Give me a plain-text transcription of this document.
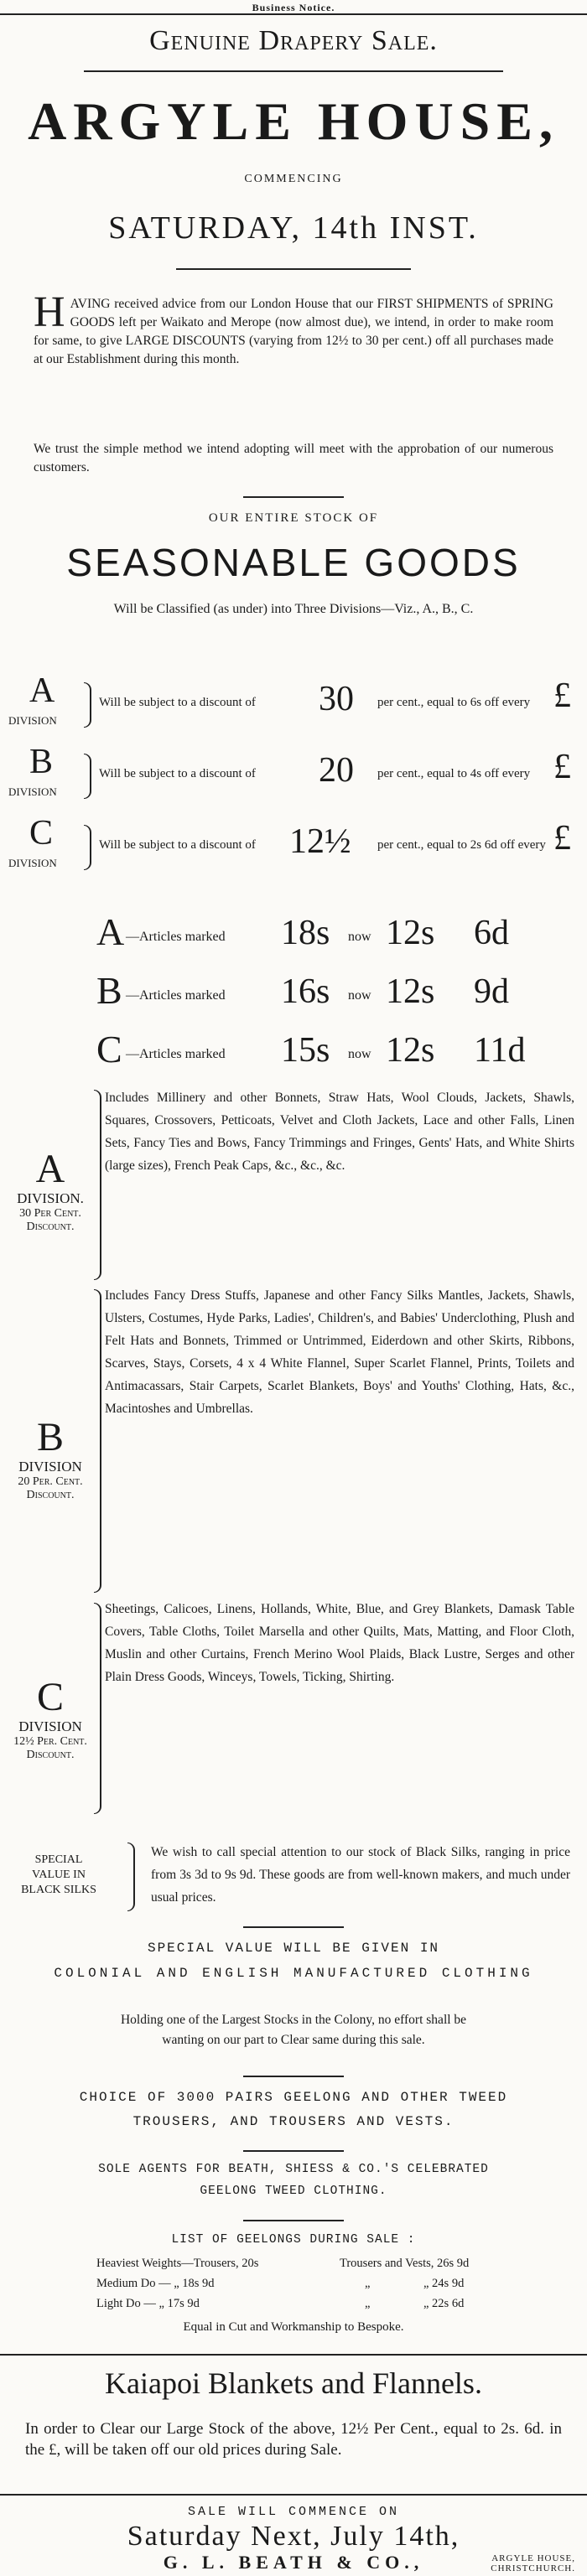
Business Notice.
Genuine Drapery Sale.
ARGYLE HOUSE,
COMMENCING
SATURDAY, 14th INST.
H AVING received advice from our London House that our FIRST SHIPMENTS of SPRING GOODS left per Waikato and Merope (now almost due), we intend, in order to make room for same, to give LARGE DISCOUNTS (varying from 12½ to 30 per cent.) off all purchases made at our Establishment during this month.
We trust the simple method we intend adopting will meet with the approbation of our numerous customers.
OUR ENTIRE STOCK OF
SEASONABLE GOODS
Will be Classified (as under) into Three Divisions—Viz., A., B., C.
A
DIVISION
Will be subject to a discount of 30 per cent., equal to 6s off every £
B
DIVISION
Will be subject to a discount of 20 per cent., equal to 4s off every £
C
DIVISION
Will be subject to a discount of 12½ per cent., equal to 2s 6d off every £
A —Articles marked 18s now 12s 6d
B —Articles marked 16s now 12s 9d
C —Articles marked 15s now 12s 11d
A
DIVISION.
30 Per Cent.
Discount.
Includes Millinery and other Bonnets, Straw Hats, Wool Clouds, Jackets, Shawls, Squares, Crossovers, Petticoats, Velvet and Cloth Jackets, Lace and other Falls, Linen Sets, Fancy Ties and Bows, Fancy Trimmings and Fringes, Gents' Hats, and White Shirts (large sizes), French Peak Caps, &c., &c., &c.
B
DIVISION
20 Per. Cent.
Discount.
Includes Fancy Dress Stuffs, Japanese and other Fancy Silks Mantles, Jackets, Shawls, Ulsters, Costumes, Hyde Parks, Ladies', Children's, and Babies' Underclothing, Plush and Felt Hats and Bonnets, Trimmed or Untrimmed, Eiderdown and other Skirts, Ribbons, Scarves, Stays, Corsets, 4 x 4 White Flannel, Super Scarlet Flannel, Prints, Toilets and Antimacassars, Stair Carpets, Scarlet Blankets, Boys' and Youths' Clothing, Hats, &c., Macintoshes and Umbrellas.
C
DIVISION
12½ Per. Cent.
Discount.
Sheetings, Calicoes, Linens, Hollands, White, Blue, and Grey Blankets, Damask Table Covers, Table Cloths, Toilet Marsella and other Quilts, Mats, Matting, and Floor Cloth, Muslin and other Curtains, French Merino Wool Plaids, Black Lustre, Serges and other Plain Dress Goods, Winceys, Towels, Ticking, Shirting.
SPECIAL
VALUE IN
BLACK SILKS
We wish to call special attention to our stock of Black Silks, ranging in price from 3s 3d to 9s 9d. These goods are from well-known makers, and much under usual prices.
SPECIAL VALUE WILL BE GIVEN IN
COLONIAL AND ENGLISH MANUFACTURED CLOTHING
Holding one of the Largest Stocks in the Colony, no effort shall be wanting on our part to Clear same during this sale.
CHOICE OF 3000 PAIRS GEELONG AND OTHER TWEED
TROUSERS, AND TROUSERS AND VESTS.
SOLE AGENTS FOR BEATH, SHIESS & CO.'S CELEBRATED
GEELONG TWEED CLOTHING.
LIST OF GEELONGS DURING SALE :
Heaviest Weights—Trousers, 20s	Trousers and Vests, 26s 9d
Medium Do — „ 18s 9d	„	„ 24s 9d
Light Do — „ 17s 9d	„	„ 22s 6d
Equal in Cut and Workmanship to Bespoke.
Kaiapoi Blankets and Flannels.
In order to Clear our Large Stock of the above, 12½ Per Cent., equal to 2s. 6d. in the £, will be taken off our old prices during Sale.
SALE WILL COMMENCE ON
Saturday Next, July 14th,
G. L. BEATH & CO.,	ARGYLE HOUSE,
CHRISTCHURCH.
